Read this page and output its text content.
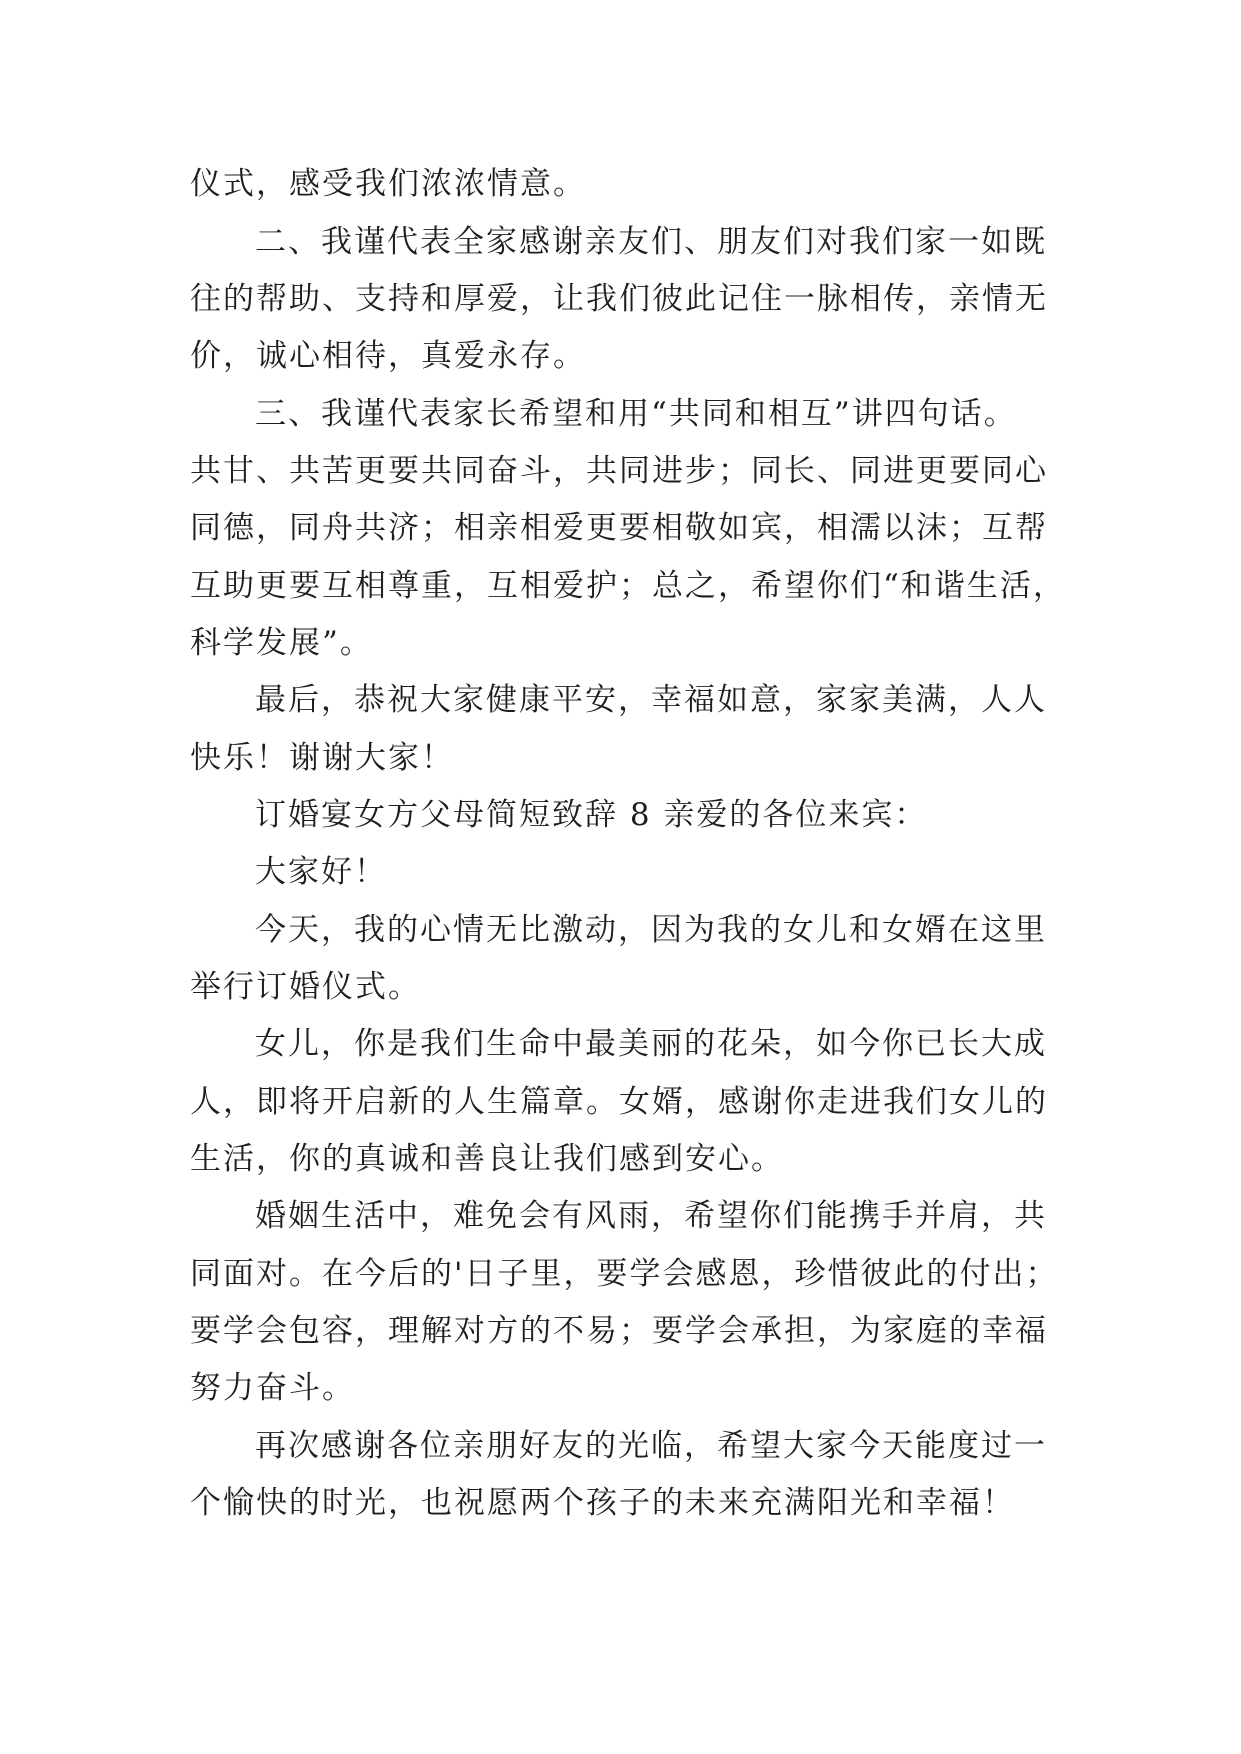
仪式，感受我们浓浓情意。

二、我谨代表全家感谢亲友们、朋友们对我们家一如既

往的帮助、支持和厚爱，让我们彼此记住一脉相传，亲情无

价，诚心相待，真爱永存。

三、我谨代表家长希望和用“共同和相互”讲四句话。

共甘、共苦更要共同奋斗，共同进步；同长、同进更要同心

同德，同舟共济；相亲相爱更要相敬如宾，相濡以沫；互帮

互助更要互相尊重，互相爱护；总之，希望你们“和谐生活，

科学发展”。

最后，恭祝大家健康平安，幸福如意，家家美满，人人

快乐！谢谢大家！

订婚宴女方父母简短致辞 8 亲爱的各位来宾：

大家好！

今天，我的心情无比激动，因为我的女儿和女婿在这里

举行订婚仪式。

女儿，你是我们生命中最美丽的花朵，如今你已长大成

人，即将开启新的人生篇章。女婿，感谢你走进我们女儿的

生活，你的真诚和善良让我们感到安心。

婚姻生活中，难免会有风雨，希望你们能携手并肩，共

同面对。在今后的'日子里，要学会感恩，珍惜彼此的付出；

要学会包容，理解对方的不易；要学会承担，为家庭的幸福

努力奋斗。

再次感谢各位亲朋好友的光临，希望大家今天能度过一

个愉快的时光，也祝愿两个孩子的未来充满阳光和幸福！
